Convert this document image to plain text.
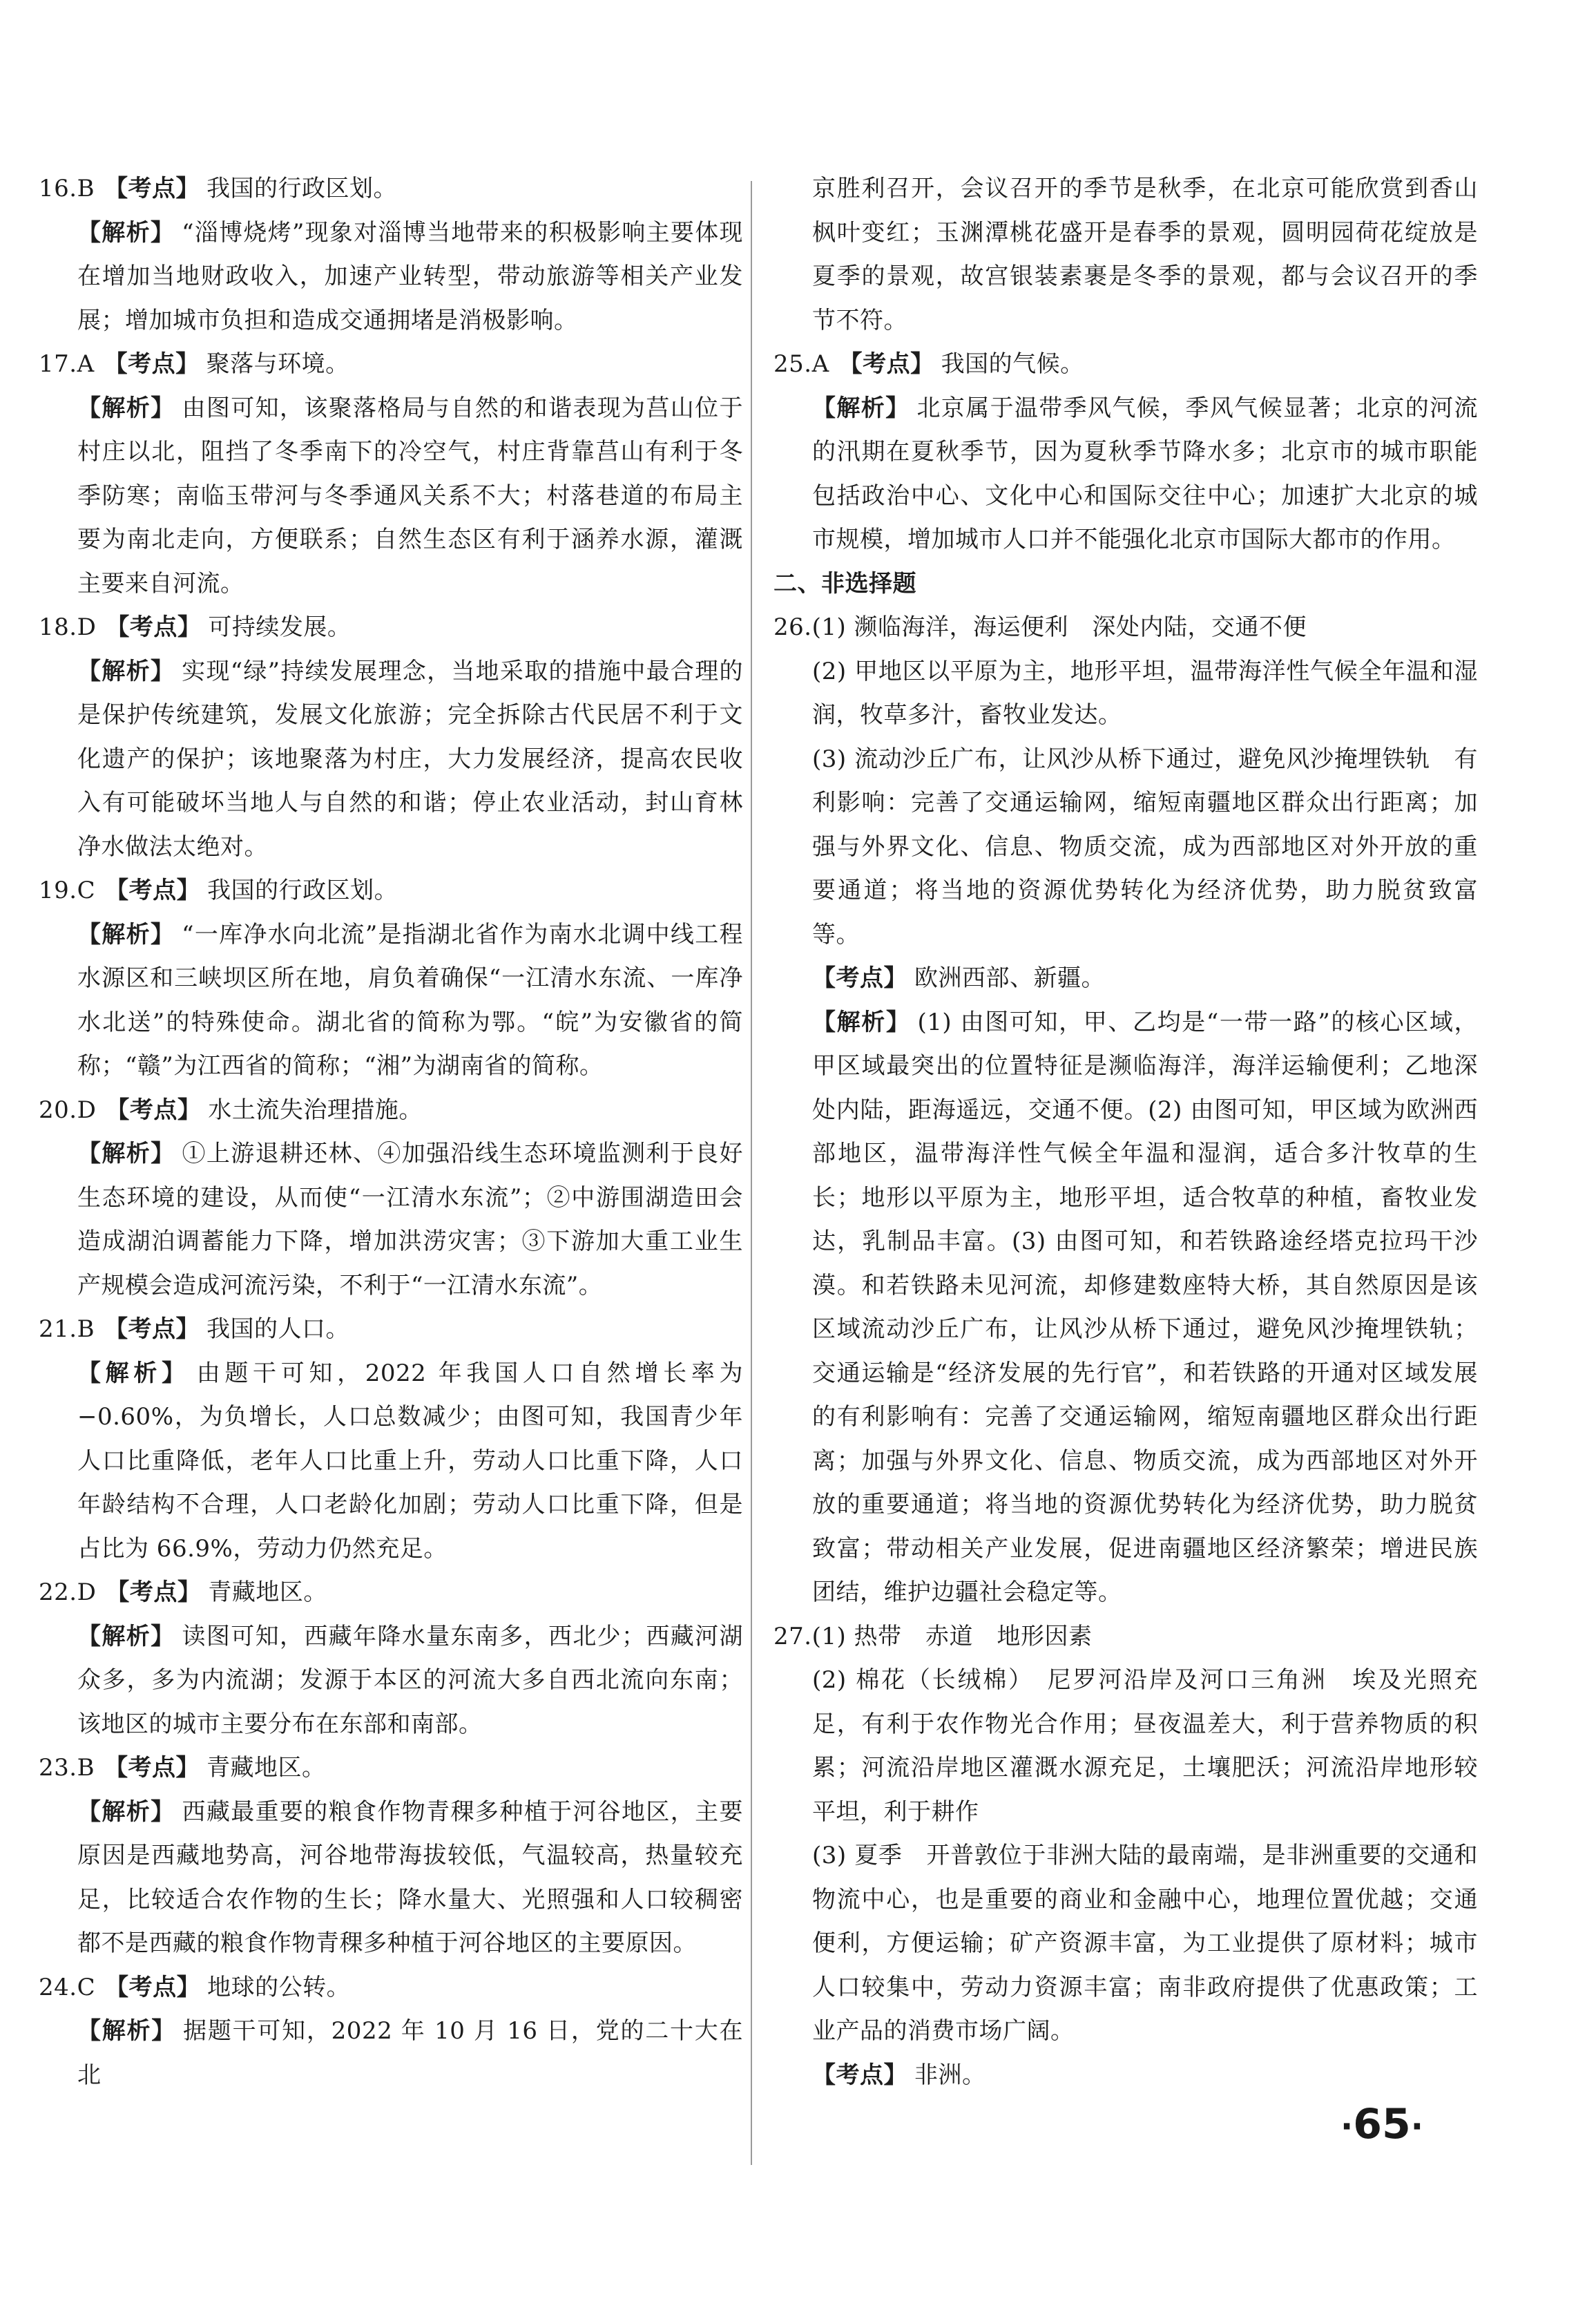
16.B 【考点】 我国的行政区划。

【解析】 “淄博烧烤”现象对淄博当地带来的积极影响主要体现在增加当地财政收入，加速产业转型，带动旅游等相关产业发展；增加城市负担和造成交通拥堵是消极影响。

17.A 【考点】 聚落与环境。

【解析】 由图可知，该聚落格局与自然的和谐表现为莒山位于村庄以北，阻挡了冬季南下的冷空气，村庄背靠莒山有利于冬季防寒；南临玉带河与冬季通风关系不大；村落巷道的布局主要为南北走向，方便联系；自然生态区有利于涵养水源，灌溉主要来自河流。

18.D 【考点】 可持续发展。

【解析】 实现“绿”持续发展理念，当地采取的措施中最合理的是保护传统建筑，发展文化旅游；完全拆除古代民居不利于文化遗产的保护；该地聚落为村庄，大力发展经济，提高农民收入有可能破坏当地人与自然的和谐；停止农业活动，封山育林净水做法太绝对。

19.C 【考点】 我国的行政区划。

【解析】 “一库净水向北流”是指湖北省作为南水北调中线工程水源区和三峡坝区所在地，肩负着确保“一江清水东流、一库净水北送”的特殊使命。湖北省的简称为鄂。“皖”为安徽省的简称；“赣”为江西省的简称；“湘”为湖南省的简称。

20.D 【考点】 水土流失治理措施。

【解析】 ①上游退耕还林、④加强沿线生态环境监测利于良好生态环境的建设，从而使“一江清水东流”；②中游围湖造田会造成湖泊调蓄能力下降，增加洪涝灾害；③下游加大重工业生产规模会造成河流污染，不利于“一江清水东流”。

21.B 【考点】 我国的人口。

【解析】 由题干可知，2022 年我国人口自然增长率为−0.60%，为负增长，人口总数减少；由图可知，我国青少年人口比重降低，老年人口比重上升，劳动人口比重下降，人口年龄结构不合理，人口老龄化加剧；劳动人口比重下降，但是占比为 66.9%，劳动力仍然充足。

22.D 【考点】 青藏地区。

【解析】 读图可知，西藏年降水量东南多，西北少；西藏河湖众多，多为内流湖；发源于本区的河流大多自西北流向东南；该地区的城市主要分布在东部和南部。

23.B 【考点】 青藏地区。

【解析】 西藏最重要的粮食作物青稞多种植于河谷地区，主要原因是西藏地势高，河谷地带海拔较低，气温较高，热量较充足，比较适合农作物的生长；降水量大、光照强和人口较稠密都不是西藏的粮食作物青稞多种植于河谷地区的主要原因。

24.C 【考点】 地球的公转。

【解析】 据题干可知，2022 年 10 月 16 日，党的二十大在北

京胜利召开，会议召开的季节是秋季，在北京可能欣赏到香山枫叶变红；玉渊潭桃花盛开是春季的景观，圆明园荷花绽放是夏季的景观，故宫银装素裹是冬季的景观，都与会议召开的季节不符。

25.A 【考点】 我国的气候。

【解析】 北京属于温带季风气候，季风气候显著；北京的河流的汛期在夏秋季节，因为夏秋季节降水多；北京市的城市职能包括政治中心、文化中心和国际交往中心；加速扩大北京的城市规模，增加城市人口并不能强化北京市国际大都市的作用。

二、非选择题

26.(1) 濒临海洋，海运便利　深处内陆，交通不便

(2) 甲地区以平原为主，地形平坦，温带海洋性气候全年温和湿润，牧草多汁，畜牧业发达。

(3) 流动沙丘广布，让风沙从桥下通过，避免风沙掩埋铁轨　有利影响：完善了交通运输网，缩短南疆地区群众出行距离；加强与外界文化、信息、物质交流，成为西部地区对外开放的重要通道；将当地的资源优势转化为经济优势，助力脱贫致富等。

【考点】 欧洲西部、新疆。

【解析】 (1) 由图可知，甲、乙均是“一带一路”的核心区域，甲区域最突出的位置特征是濒临海洋，海洋运输便利；乙地深处内陆，距海遥远，交通不便。(2) 由图可知，甲区域为欧洲西部地区，温带海洋性气候全年温和湿润，适合多汁牧草的生长；地形以平原为主，地形平坦，适合牧草的种植，畜牧业发达，乳制品丰富。(3) 由图可知，和若铁路途经塔克拉玛干沙漠。和若铁路未见河流，却修建数座特大桥，其自然原因是该区域流动沙丘广布，让风沙从桥下通过，避免风沙掩埋铁轨；交通运输是“经济发展的先行官”，和若铁路的开通对区域发展的有利影响有：完善了交通运输网，缩短南疆地区群众出行距离；加强与外界文化、信息、物质交流，成为西部地区对外开放的重要通道；将当地的资源优势转化为经济优势，助力脱贫致富；带动相关产业发展，促进南疆地区经济繁荣；增进民族团结，维护边疆社会稳定等。

27.(1) 热带　赤道　地形因素

(2) 棉花（长绒棉）　尼罗河沿岸及河口三角洲　埃及光照充足，有利于农作物光合作用；昼夜温差大，利于营养物质的积累；河流沿岸地区灌溉水源充足，土壤肥沃；河流沿岸地形较平坦，利于耕作

(3) 夏季　开普敦位于非洲大陆的最南端，是非洲重要的交通和物流中心，也是重要的商业和金融中心，地理位置优越；交通便利，方便运输；矿产资源丰富，为工业提供了原材料；城市人口较集中，劳动力资源丰富；南非政府提供了优惠政策；工业产品的消费市场广阔。

【考点】 非洲。

·65·
